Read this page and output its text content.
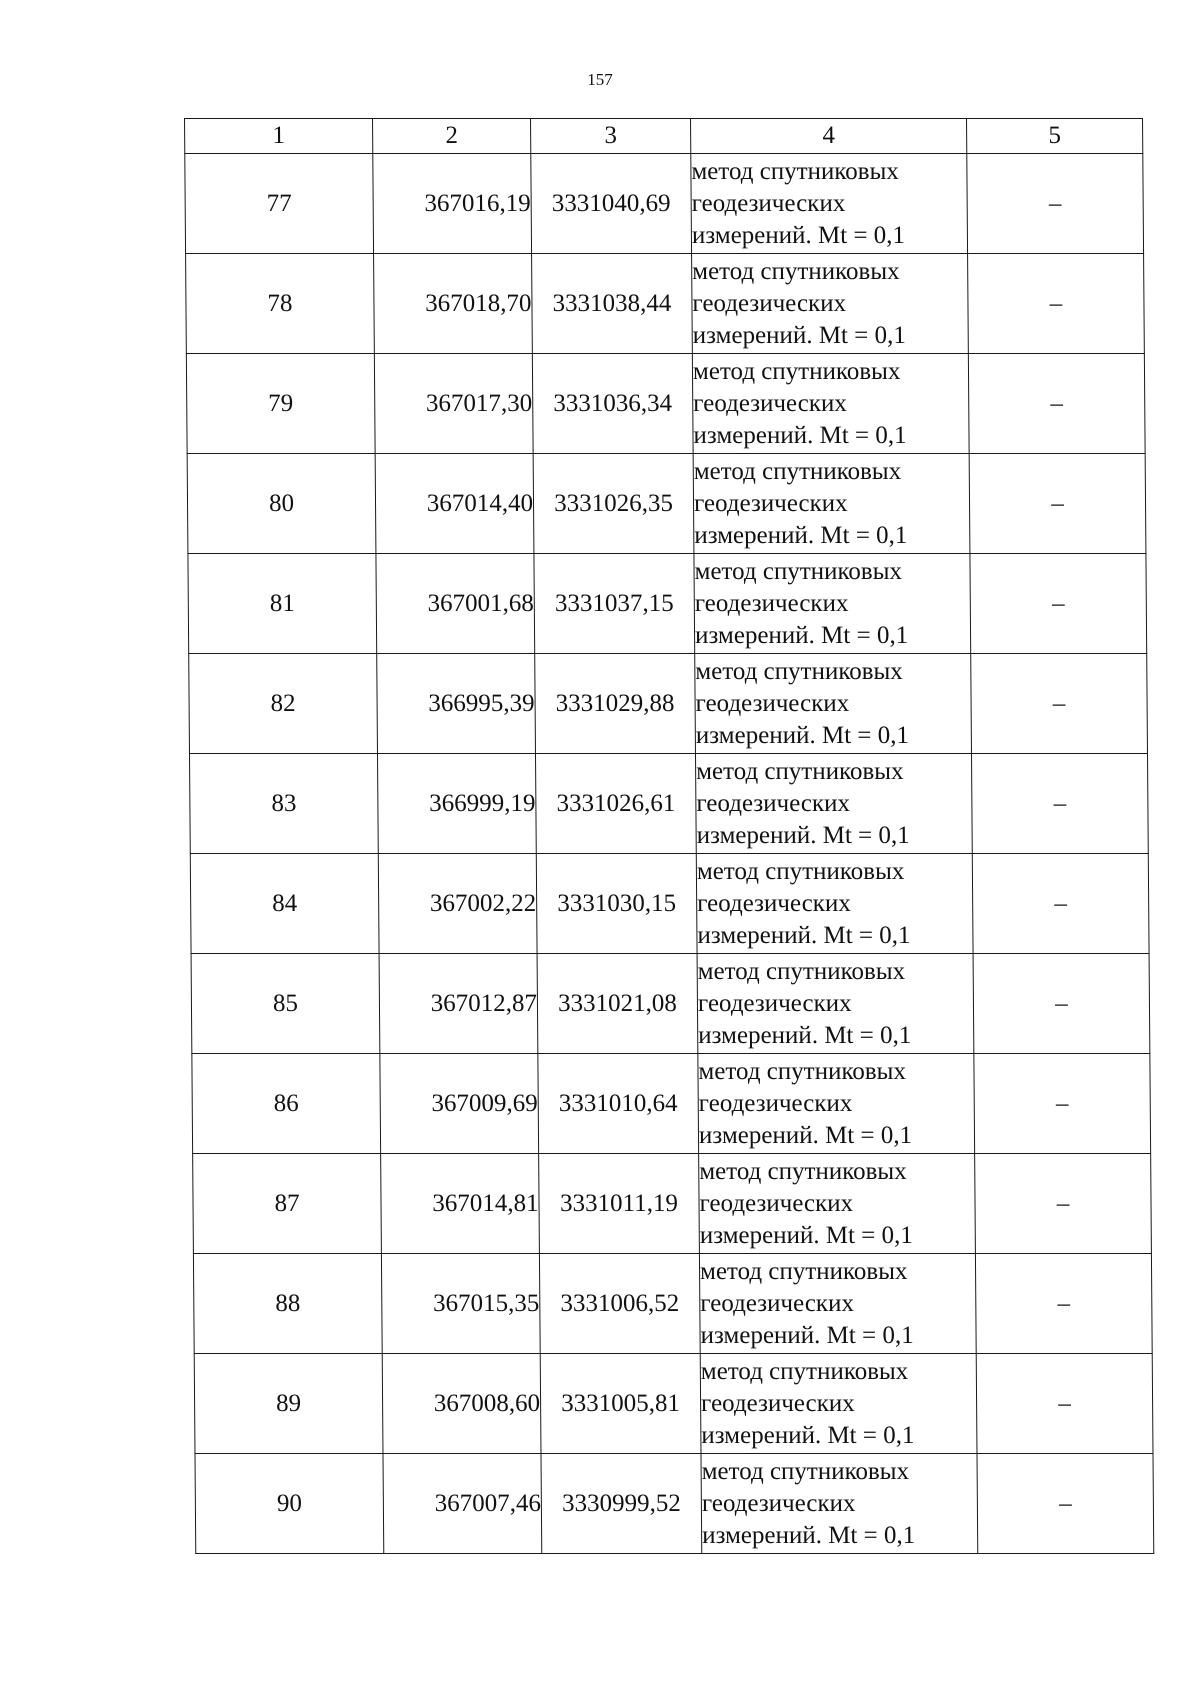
157
1	2	3	4	5
77	367016,19	3331040,69	метод спутниковых
геодезических
измерений. Mt = 0,1	–
78	367018,70	3331038,44	метод спутниковых
геодезических
измерений. Mt = 0,1	–
79	367017,30	3331036,34	метод спутниковых
геодезических
измерений. Mt = 0,1	–
80	367014,40	3331026,35	метод спутниковых
геодезических
измерений. Mt = 0,1	–
81	367001,68	3331037,15	метод спутниковых
геодезических
измерений. Mt = 0,1	–
82	366995,39	3331029,88	метод спутниковых
геодезических
измерений. Mt = 0,1	–
83	366999,19	3331026,61	метод спутниковых
геодезических
измерений. Mt = 0,1	–
84	367002,22	3331030,15	метод спутниковых
геодезических
измерений. Mt = 0,1	–
85	367012,87	3331021,08	метод спутниковых
геодезических
измерений. Mt = 0,1	–
86	367009,69	3331010,64	метод спутниковых
геодезических
измерений. Mt = 0,1	–
87	367014,81	3331011,19	метод спутниковых
геодезических
измерений. Mt = 0,1	–
88	367015,35	3331006,52	метод спутниковых
геодезических
измерений. Mt = 0,1	–
89	367008,60	3331005,81	метод спутниковых
геодезических
измерений. Mt = 0,1	–
90	367007,46	3330999,52	метод спутниковых
геодезических
измерений. Mt = 0,1	–
